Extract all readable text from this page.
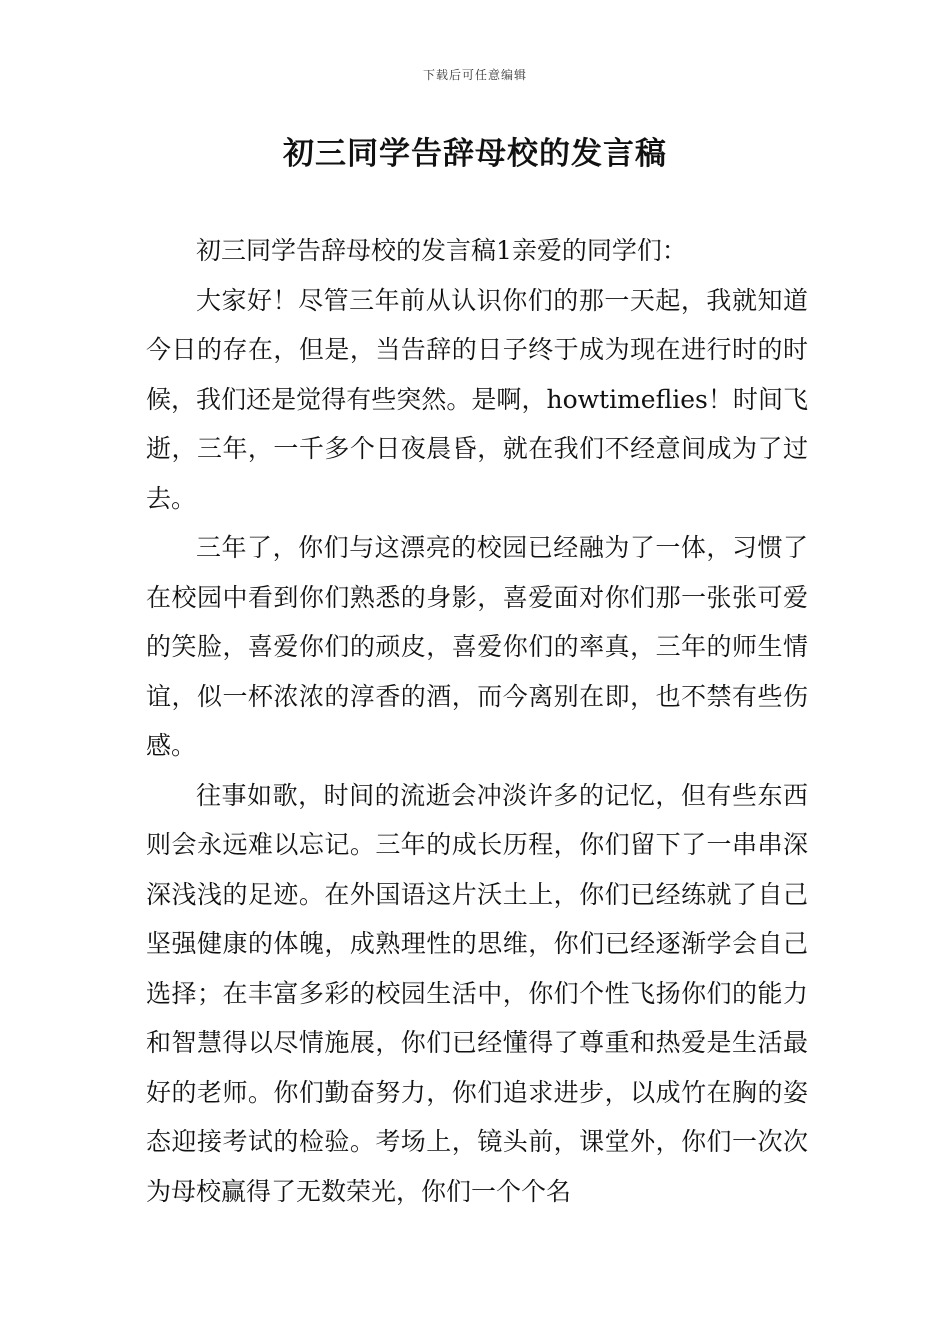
下载后可任意编辑
初三同学告辞母校的发言稿

初三同学告辞母校的发言稿1亲爱的同学们：

大家好！尽管三年前从认识你们的那一天起，我就知道今日的存在，但是，当告辞的日子终于成为现在进行时的时候，我们还是觉得有些突然。是啊，howtimeflies！时间飞逝，三年，一千多个日夜晨昏，就在我们不经意间成为了过去。

三年了，你们与这漂亮的校园已经融为了一体，习惯了在校园中看到你们熟悉的身影，喜爱面对你们那一张张可爱的笑脸，喜爱你们的顽皮，喜爱你们的率真，三年的师生情谊，似一杯浓浓的淳香的酒，而今离别在即，也不禁有些伤感。

往事如歌，时间的流逝会冲淡许多的记忆，但有些东西则会永远难以忘记。三年的成长历程，你们留下了一串串深深浅浅的足迹。在外国语这片沃土上，你们已经练就了自己坚强健康的体魄，成熟理性的思维，你们已经逐渐学会自己选择；在丰富多彩的校园生活中，你们个性飞扬你们的能力和智慧得以尽情施展，你们已经懂得了尊重和热爱是生活最好的老师。你们勤奋努力，你们追求进步，以成竹在胸的姿态迎接考试的检验。考场上，镜头前，课堂外，你们一次次为母校赢得了无数荣光，你们一个个名
